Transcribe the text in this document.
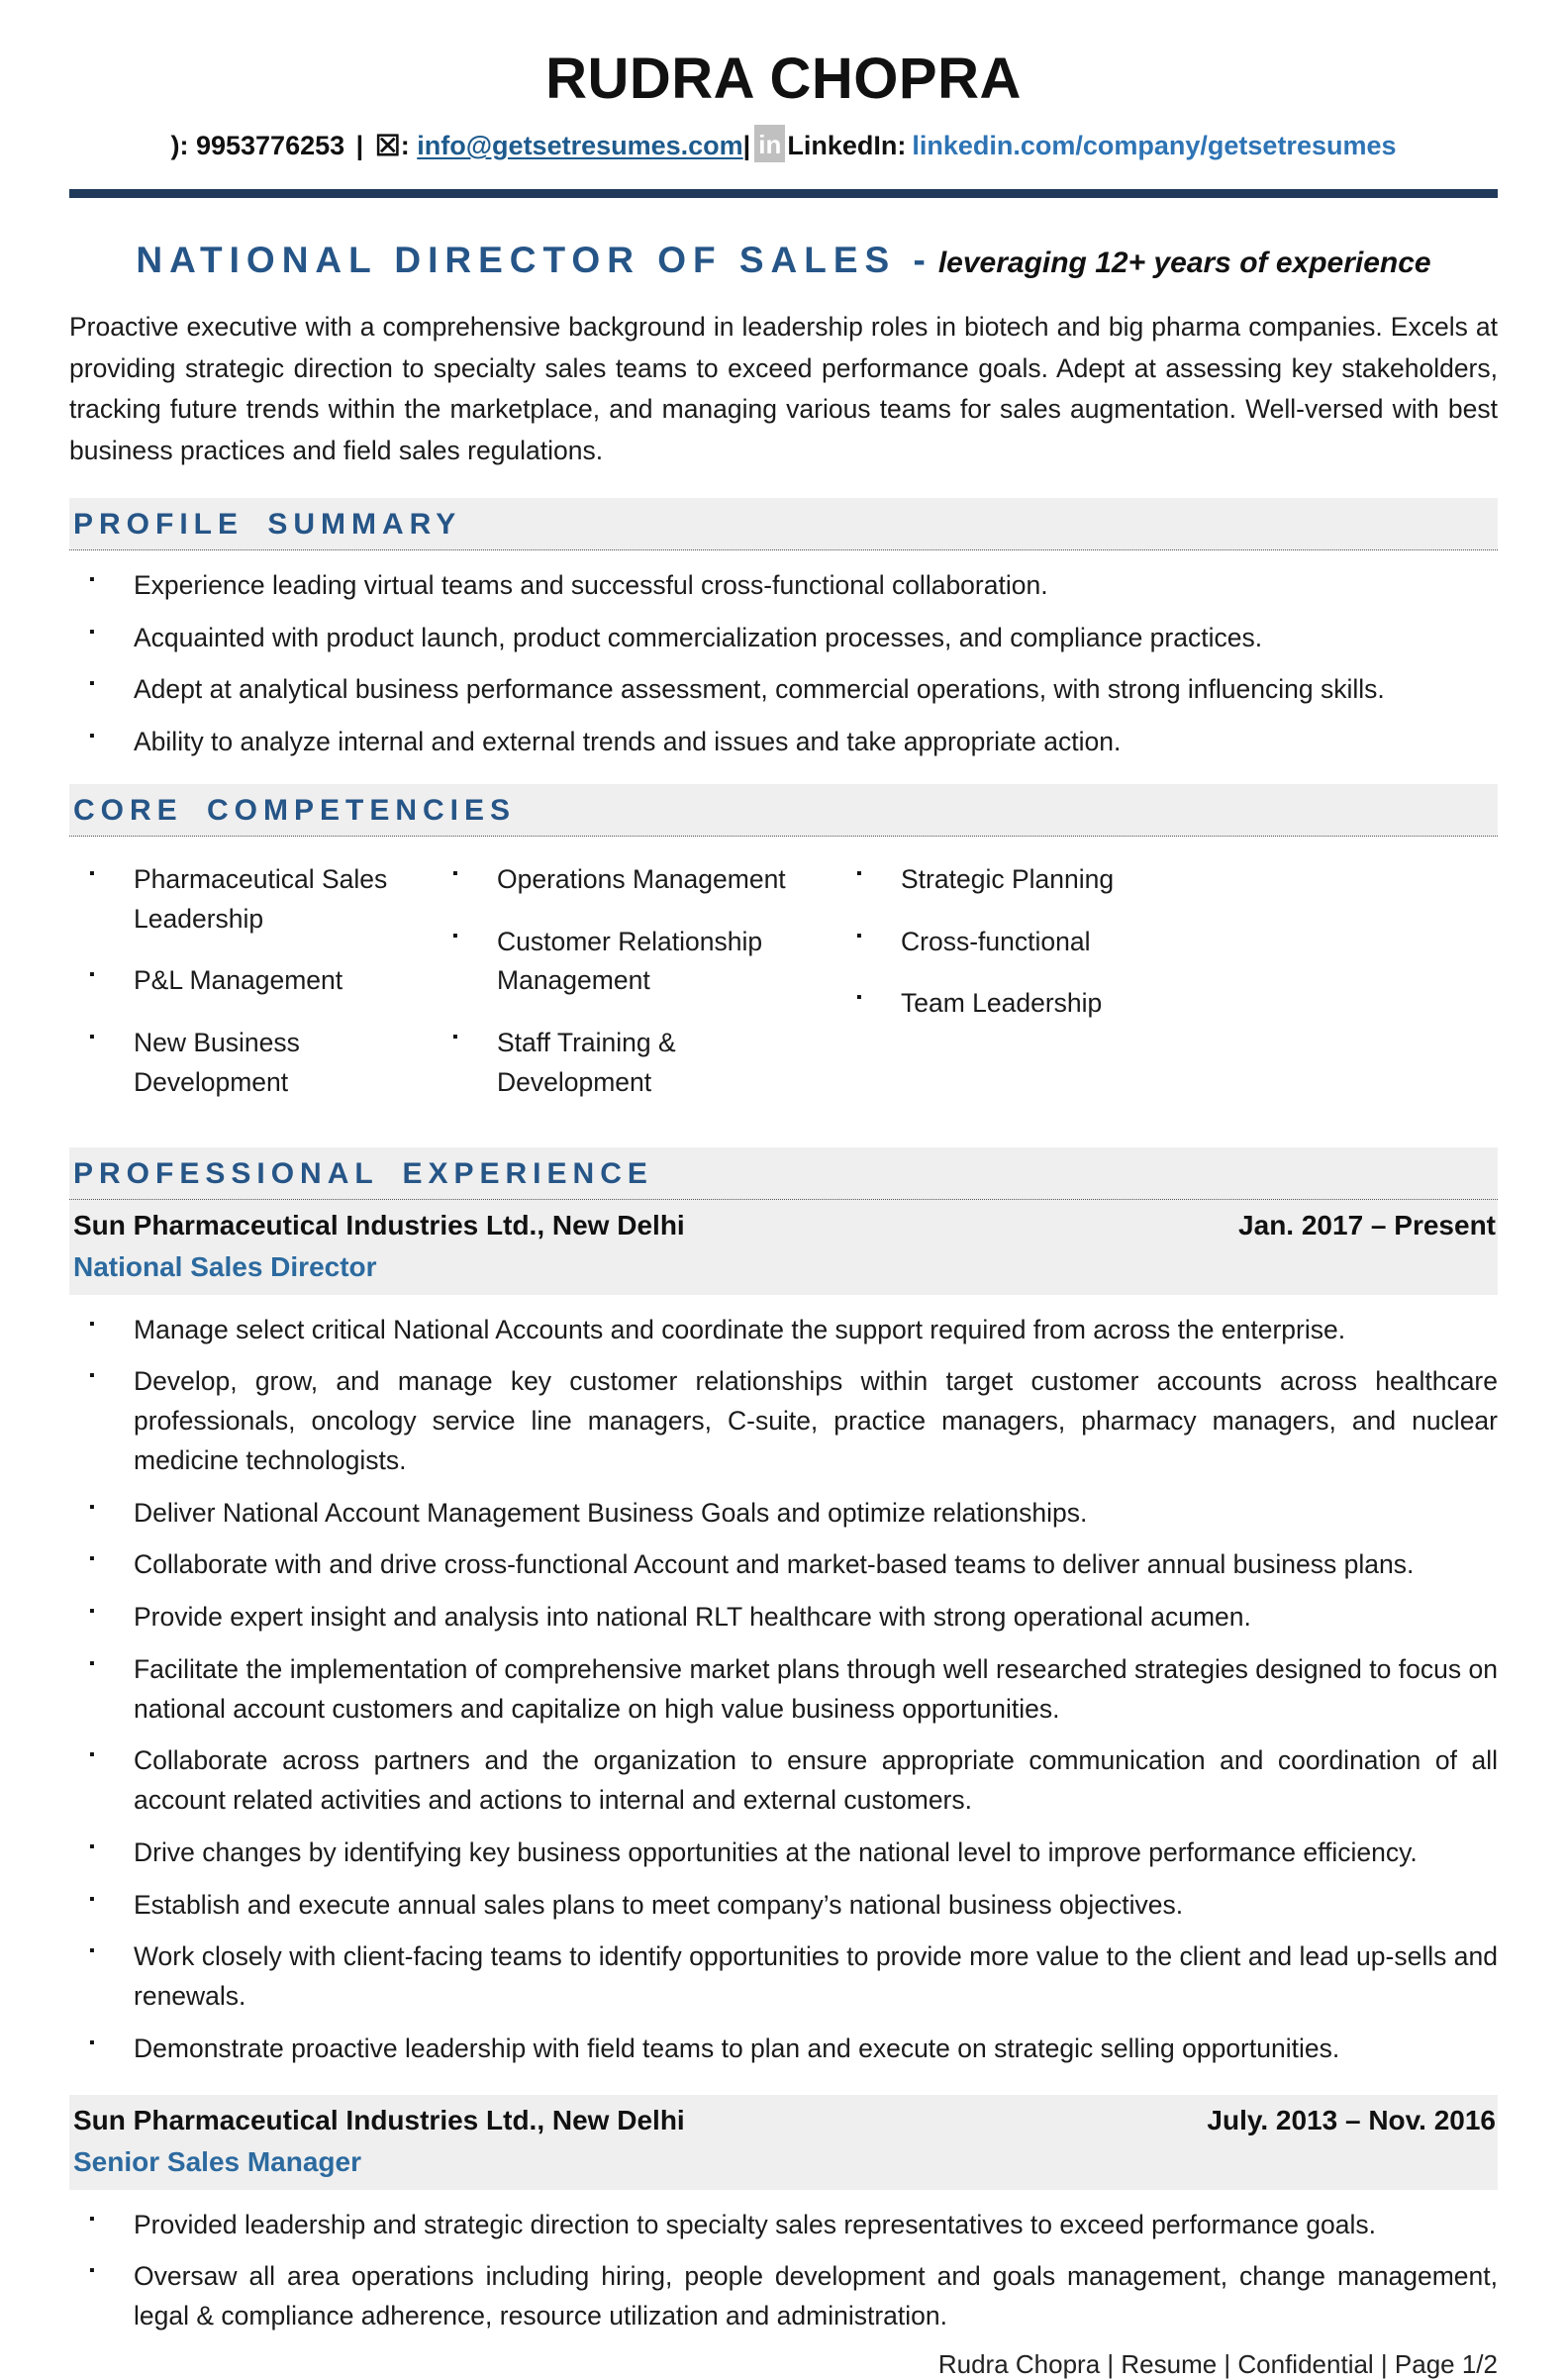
RUDRA CHOPRA
): 9953776253 | ☒: info@getsetresumes.com| in LinkedIn: linkedin.com/company/getsetresumes
NATIONAL DIRECTOR OF SALES - leveraging 12+ years of experience

Proactive executive with a comprehensive background in leadership roles in biotech and big pharma companies. Excels at providing strategic direction to specialty sales teams to exceed performance goals. Adept at assessing key stakeholders, tracking future trends within the marketplace, and managing various teams for sales augmentation. Well-versed with best business practices and field sales regulations.

PROFILE SUMMARY
▪ Experience leading virtual teams and successful cross-functional collaboration.
▪ Acquainted with product launch, product commercialization processes, and compliance practices.
▪ Adept at analytical business performance assessment, commercial operations, with strong influencing skills.
▪ Ability to analyze internal and external trends and issues and take appropriate action.
CORE COMPETENCIES
▪ Pharmaceutical Sales Leadership
▪ P&L Management
▪ New Business Development
▪ Operations Management
▪ Customer Relationship Management
▪ Staff Training & Development
▪ Strategic Planning
▪ Cross-functional
▪ Team Leadership
PROFESSIONAL EXPERIENCE
Sun Pharmaceutical Industries Ltd., New Delhi	Jan. 2017 – Present
National Sales Director
▪ Manage select critical National Accounts and coordinate the support required from across the enterprise.
▪ Develop, grow, and manage key customer relationships within target customer accounts across healthcare professionals, oncology service line managers, C-suite, practice managers, pharmacy managers, and nuclear medicine technologists.
▪ Deliver National Account Management Business Goals and optimize relationships.
▪ Collaborate with and drive cross-functional Account and market-based teams to deliver annual business plans.
▪ Provide expert insight and analysis into national RLT healthcare with strong operational acumen.
▪ Facilitate the implementation of comprehensive market plans through well researched strategies designed to focus on national account customers and capitalize on high value business opportunities.
▪ Collaborate across partners and the organization to ensure appropriate communication and coordination of all account related activities and actions to internal and external customers.
▪ Drive changes by identifying key business opportunities at the national level to improve performance efficiency.
▪ Establish and execute annual sales plans to meet company’s national business objectives.
▪ Work closely with client-facing teams to identify opportunities to provide more value to the client and lead up-sells and renewals.
▪ Demonstrate proactive leadership with field teams to plan and execute on strategic selling opportunities.
Sun Pharmaceutical Industries Ltd., New Delhi	July. 2013 – Nov. 2016
Senior Sales Manager
▪ Provided leadership and strategic direction to specialty sales representatives to exceed performance goals.
▪ Oversaw all area operations including hiring, people development and goals management, change management, legal & compliance adherence, resource utilization and administration.
Rudra Chopra | Resume | Confidential | Page 1/2
